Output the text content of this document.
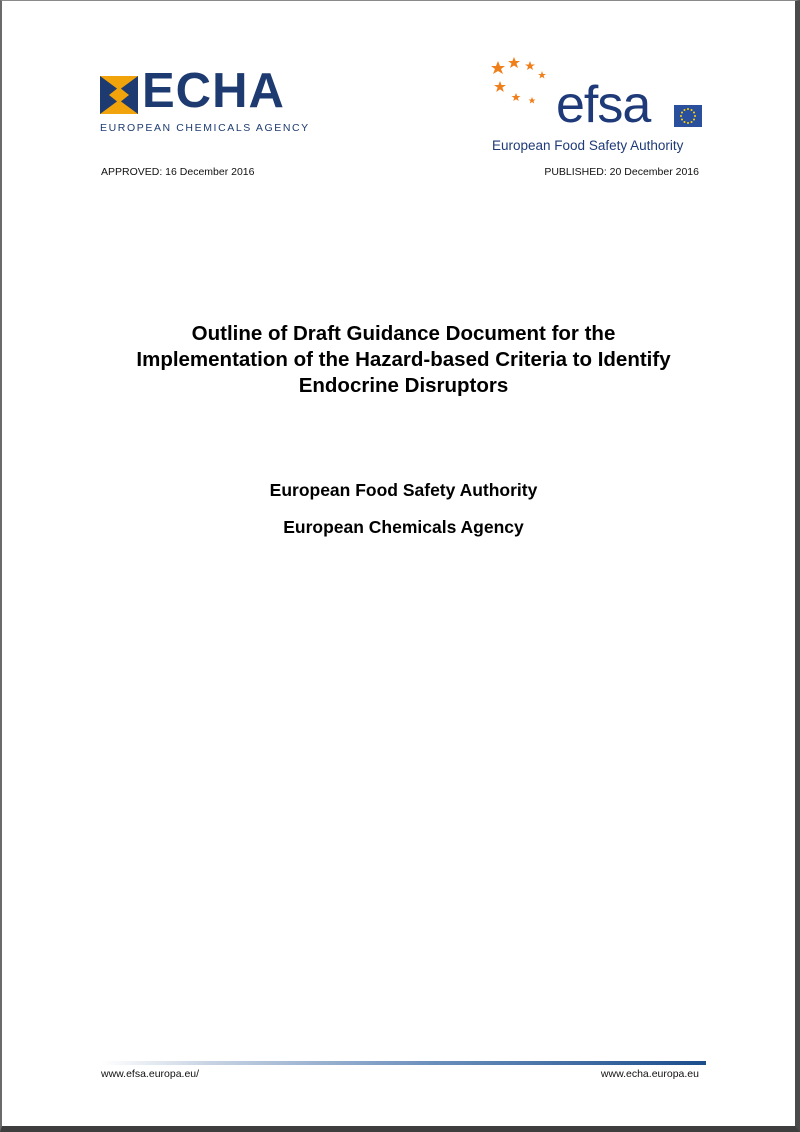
ECHA
EUROPEAN CHEMICALS AGENCY	efsa
European Food Safety Authority
APPROVED: 16 December 2016	PUBLISHED: 20 December 2016
Outline of Draft Guidance Document for the
Implementation of the Hazard-based Criteria to Identify
Endocrine Disruptors
European Food Safety Authority
European Chemicals Agency
www.efsa.europa.eu/	www.echa.europa.eu
